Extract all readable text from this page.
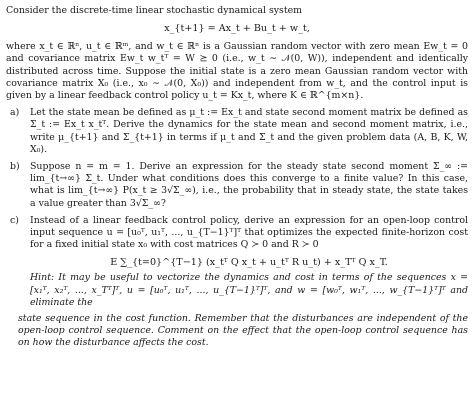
Consider the discrete-time linear stochastic dynamical system

x_{t+1} = Ax_t + Bu_t + w_t,

where x_t ∈ ℝⁿ, u_t ∈ ℝᵐ, and w_t ∈ ℝⁿ is a Gaussian random vector with zero mean Ew_t = 0 and covariance matrix Ew_t w_tᵀ = W ⪰ 0 (i.e., w_t ∼ 𝒩(0, W)), independent and identically distributed across time. Suppose the initial state is a zero mean Gaussian random vector with covariance matrix X₀ (i.e., x₀ ∼ 𝒩(0, X₀)) and independent from w_t, and the control input is given by a linear feedback control policy u_t = Kx_t, where K ∈ ℝ^{m×n}.

a)	Let the state mean be defined as μ_t := Ex_t and state second moment matrix be defined as Σ_t := Ex_t x_tᵀ. Derive the dynamics for the state mean and second moment matrix, i.e., write μ_{t+1} and Σ_{t+1} in terms if μ_t and Σ_t and the given problem data (A, B, K, W, X₀).

b)	Suppose n = m = 1. Derive an expression for the steady state second moment Σ_∞ := lim_{t→∞} Σ_t. Under what conditions does this converge to a finite value? In this case, what is lim_{t→∞} P(x_t ≥ 3√Σ_∞), i.e., the probability that in steady state, the state takes a value greater than 3√Σ_∞?

c)	Instead of a linear feedback control policy, derive an expression for an open-loop control input sequence u = [u₀ᵀ, u₁ᵀ, ..., u_{T−1}ᵀ]ᵀ that optimizes the expected finite-horizon cost for a fixed initial state x₀ with cost matrices Q ≻ 0 and R ≻ 0

E ∑_{t=0}^{T−1} (x_tᵀ Q x_t + u_tᵀ R u_t) + x_Tᵀ Q x_T.

Hint: It may be useful to vectorize the dynamics and cost in terms of the sequences x = [x₁ᵀ, x₂ᵀ, ..., x_Tᵀ]ᵀ, u = [u₀ᵀ, u₁ᵀ, ..., u_{T−1}ᵀ]ᵀ, and w = [w₀ᵀ, w₁ᵀ, ..., w_{T−1}ᵀ]ᵀ and eliminate the

state sequence in the cost function. Remember that the disturbances are independent of the open-loop control sequence. Comment on the effect that the open-loop control sequence has on how the disturbance affects the cost.
